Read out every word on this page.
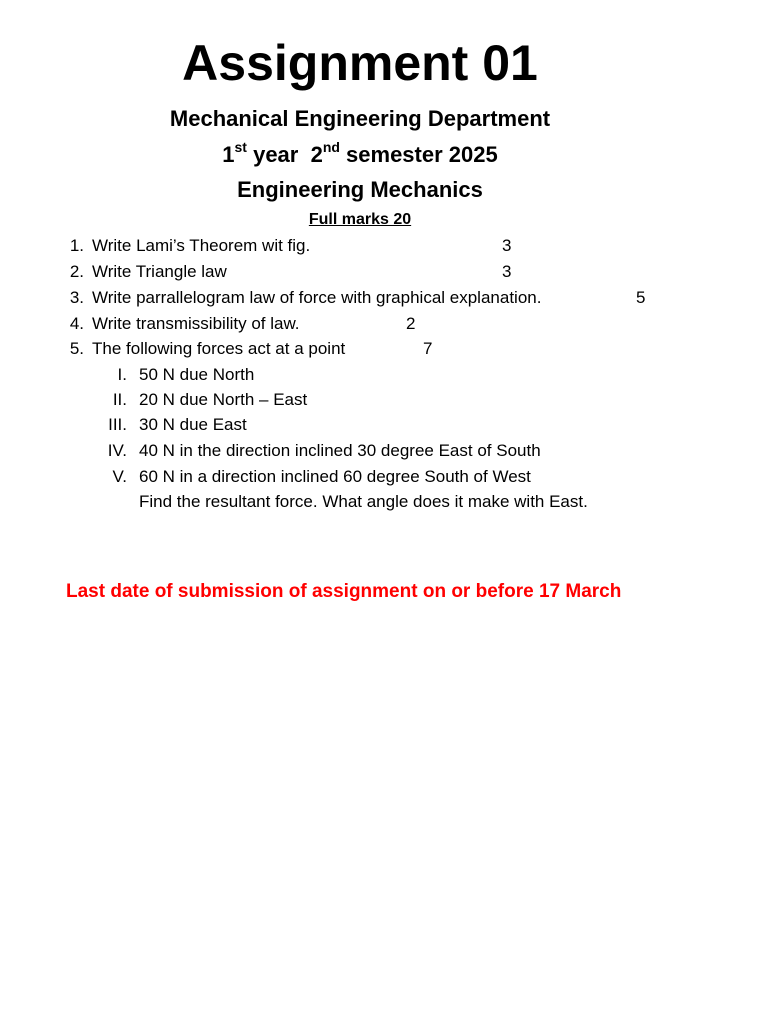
Assignment 01
Mechanical Engineering Department
1st year  2nd semester 2025
Engineering Mechanics
Full marks 20
1. Write Lami’s Theorem wit fig.	3
2. Write Triangle law	3
3. Write parrallelogram law of force with graphical explanation.	5
4. Write transmissibility of law.	2
5. The following forces act at a point	7
I. 50 N due North
II. 20 N due North – East
III. 30 N due East
IV. 40 N in the direction inclined 30 degree East of South
V. 60 N in a direction inclined 60 degree South of West
Find the resultant force. What angle does it make with East.
Last date of submission of assignment on or before 17 March
